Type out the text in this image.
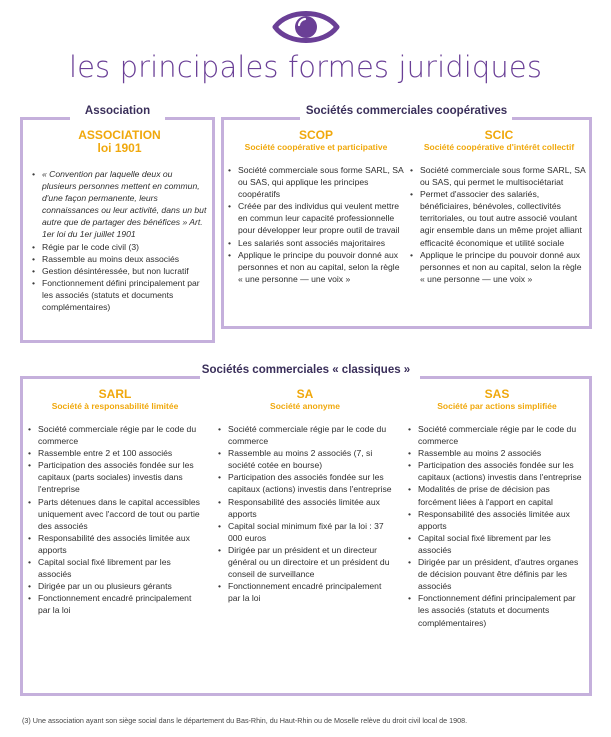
les principales formes juridiques
Association
ASSOCIATION
loi 1901
• « Convention par laquelle deux ou plusieurs personnes mettent en commun, d'une façon permanente, leurs connaissances ou leur activité, dans un but autre que de partager des bénéfices » Art. 1er loi du 1er juillet 1901
• Régie par le code civil (3)
• Rassemble au moins deux associés
• Gestion désintéressée, but non lucratif
• Fonctionnement défini principalement par les associés (statuts et documents complémentaires)
Sociétés commerciales coopératives
SCOP
Société coopérative et participative
• Société commerciale sous forme SARL, SA ou SAS, qui applique les principes coopératifs
• Créée par des individus qui veulent mettre en commun leur capacité professionnelle pour développer leur propre outil de travail
• Les salariés sont associés majoritaires
• Applique le principe du pouvoir donné aux personnes et non au capital, selon la règle « une personne — une voix »
SCIC
Société coopérative d'intérêt collectif
• Société commerciale sous forme SARL, SA ou SAS, qui permet le multisociétariat
• Permet d'associer des salariés, bénéficiaires, bénévoles, collectivités territoriales, ou tout autre associé voulant agir ensemble dans un même projet alliant efficacité économique et utilité sociale
• Applique le principe du pouvoir donné aux personnes et non au capital, selon la règle « une personne — une voix »
Sociétés commerciales « classiques »
SARL
Société à responsabilité limitée
• Société commerciale régie par le code du commerce
• Rassemble entre 2 et 100 associés
• Participation des associés fondée sur les capitaux (parts sociales) investis dans l'entreprise
• Parts détenues dans le capital accessibles uniquement avec l'accord de tout ou partie des associés
• Responsabilité des associés limitée aux apports
• Capital social fixé librement par les associés
• Dirigée par un ou plusieurs gérants
• Fonctionnement encadré principalement par la loi
SA
Société anonyme
• Société commerciale régie par le code du commerce
• Rassemble au moins 2 associés (7, si société cotée en bourse)
• Participation des associés fondée sur les capitaux (actions) investis dans l'entreprise
• Responsabilité des associés limitée aux apports
• Capital social minimum fixé par la loi : 37 000 euros
• Dirigée par un président et un directeur général ou un directoire et un président du conseil de surveillance
• Fonctionnement encadré principalement par la loi
SAS
Société par actions simplifiée
• Société commerciale régie par le code du commerce
• Rassemble au moins 2 associés
• Participation des associés fondée sur les capitaux (actions) investis dans l'entreprise
• Modalités de prise de décision pas forcément liées à l'apport en capital
• Responsabilité des associés limitée aux apports
• Capital social fixé librement par les associés
• Dirigée par un président, d'autres organes de décision pouvant être définis par les associés
• Fonctionnement défini principalement par les associés (statuts et documents complémentaires)
(3) Une association ayant son siège social dans le département du Bas-Rhin, du Haut-Rhin ou de Moselle relève du droit civil local de 1908.
